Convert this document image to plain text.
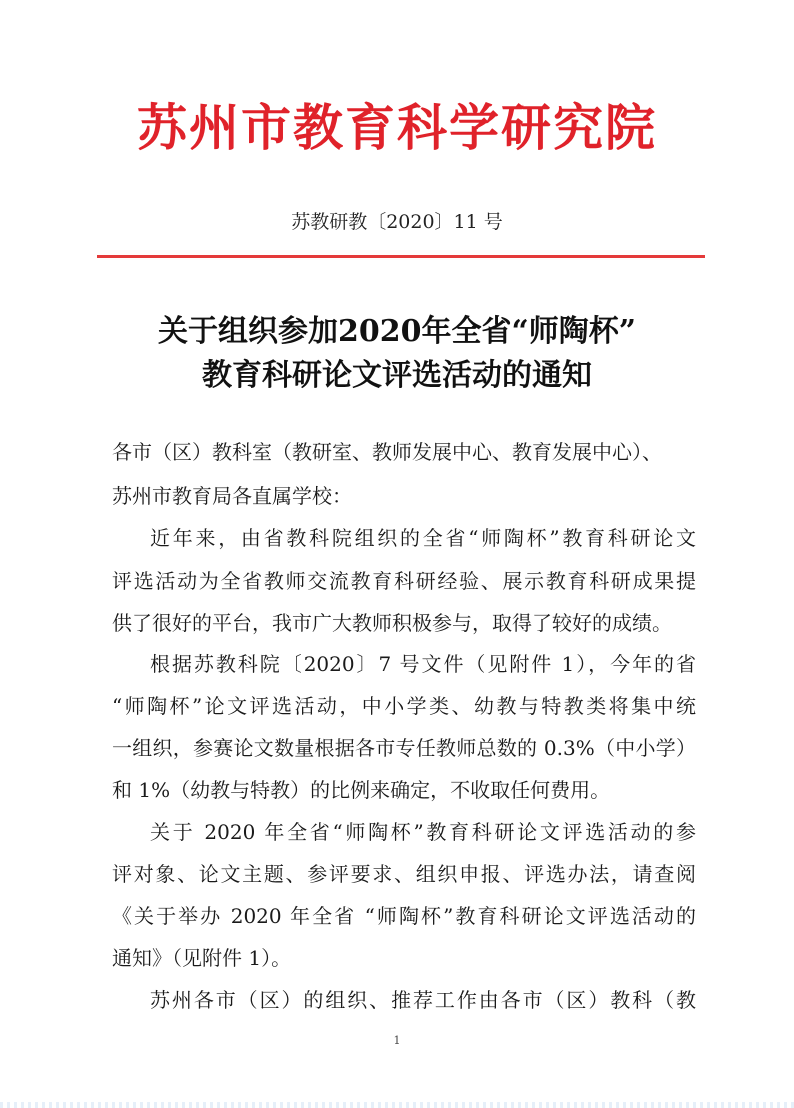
苏州市教育科学研究院
苏教研教〔2020〕11 号
关于组织参加2020年全省“师陶杯”
教育科研论文评选活动的通知
各市（区）教科室（教研室、教师发展中心、教育发展中心）、
苏州市教育局各直属学校：
近年来，由省教科院组织的全省“师陶杯”教育科研论文
评选活动为全省教师交流教育科研经验、展示教育科研成果提
供了很好的平台，我市广大教师积极参与，取得了较好的成绩。
根据苏教科院〔2020〕7 号文件（见附件 1），今年的省
“师陶杯”论文评选活动，中小学类、幼教与特教类将集中统
一组织，参赛论文数量根据各市专任教师总数的 0.3%（中小学）
和 1%（幼教与特教）的比例来确定，不收取任何费用。
关于 2020 年全省“师陶杯”教育科研论文评选活动的参
评对象、论文主题、参评要求、组织申报、评选办法，请查阅
《关于举办 2020 年全省 “师陶杯”教育科研论文评选活动的
通知》（见附件 1）。
苏州各市（区）的组织、推荐工作由各市（区）教科（教
1
